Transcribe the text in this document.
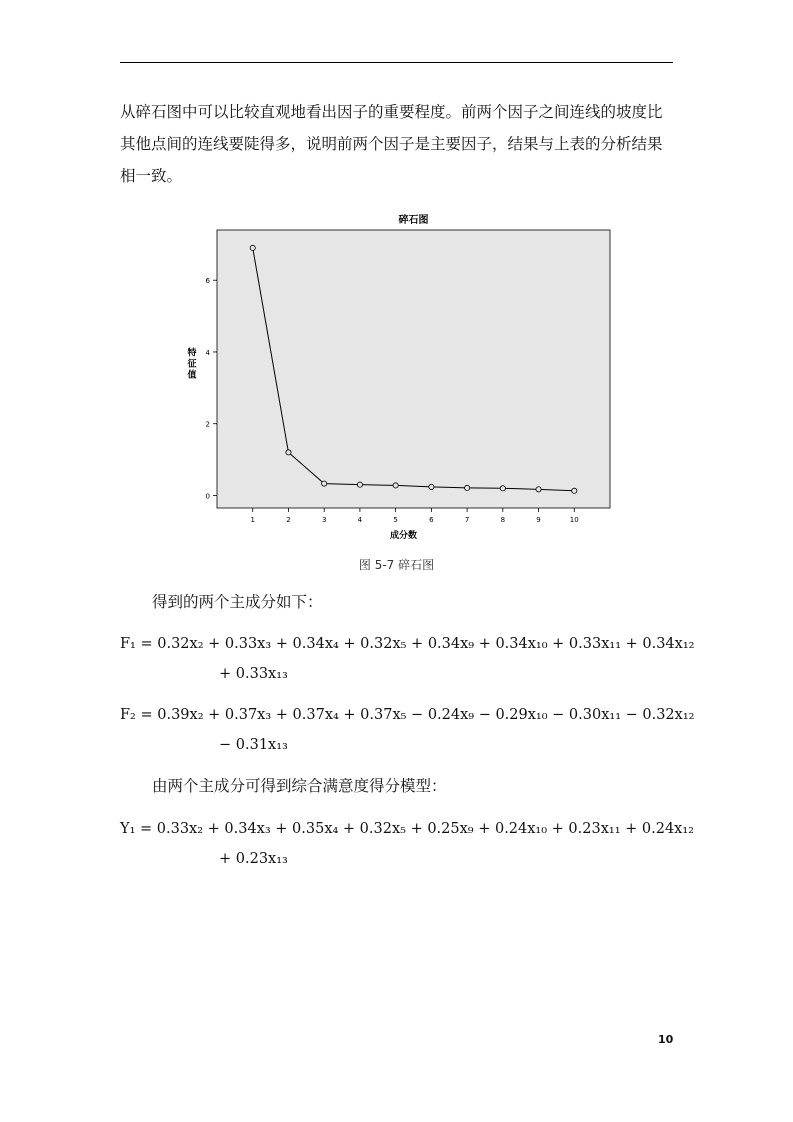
从碎石图中可以比较直观地看出因子的重要程度。前两个因子之间连线的坡度比其他点间的连线要陡得多，说明前两个因子是主要因子，结果与上表的分析结果相一致。

碎石图
0
2
4
6
1	2	3	4	5	6	7	8	9	10
成分数
特征值
图 5-7 碎石图

得到的两个主成分如下：

F₁ = 0.32x₂ + 0.33x₃ + 0.34x₄ + 0.32x₅ + 0.34x₉ + 0.34x₁₀ + 0.33x₁₁ + 0.34x₁₂
+ 0.33x₁₃
F₂ = 0.39x₂ + 0.37x₃ + 0.37x₄ + 0.37x₅ − 0.24x₉ − 0.29x₁₀ − 0.30x₁₁ − 0.32x₁₂
− 0.31x₁₃

由两个主成分可得到综合满意度得分模型：

Y₁ = 0.33x₂ + 0.34x₃ + 0.35x₄ + 0.32x₅ + 0.25x₉ + 0.24x₁₀ + 0.23x₁₁ + 0.24x₁₂
+ 0.23x₁₃
10
